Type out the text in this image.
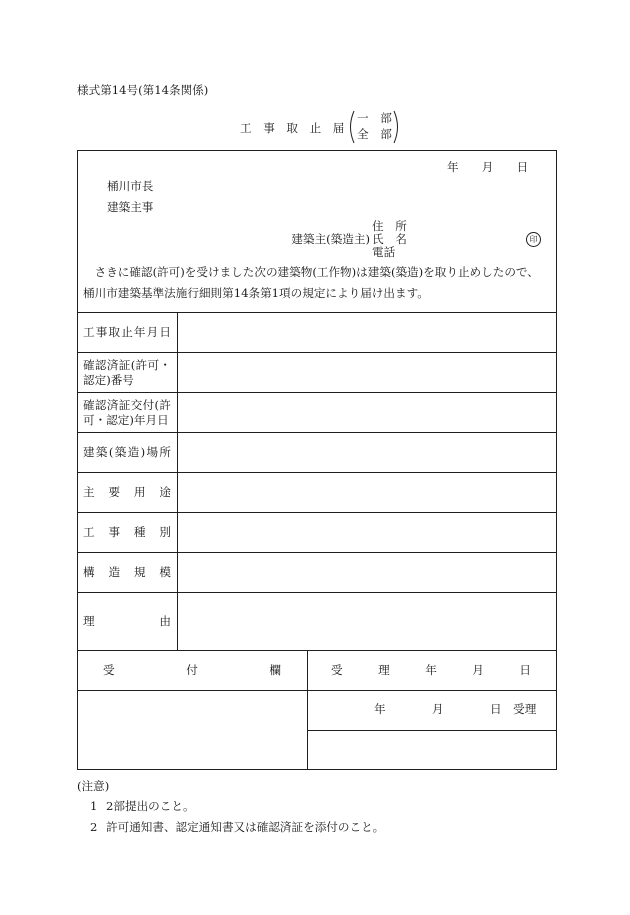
様式第14号(第14条関係)
工　事　取　止　届
一　部
全　部
年　　月　　日
桶川市長
建築主事
住　所
建築主(築造主) 氏　名	印
電話
　さきに確認(許可)を受けました次の建築物(工作物)は建築(築造)を取り止めしたので、
桶川市建築基準法施行細則第14条第1項の規定により届け出ます。
工事取止年月日
確認済証(許可・
認定)番号
確認済証交付(許
可・認定)年月日
建築(築造)場所
主　要　用　途
工　事　種　別
構　造　規　模
理　　　　由
受　　　付　　　欄	受　理　年　月　日
年　　　　月　　　　日　受理
(注意)
1 2部提出のこと。
2 許可通知書、認定通知書又は確認済証を添付のこと。
